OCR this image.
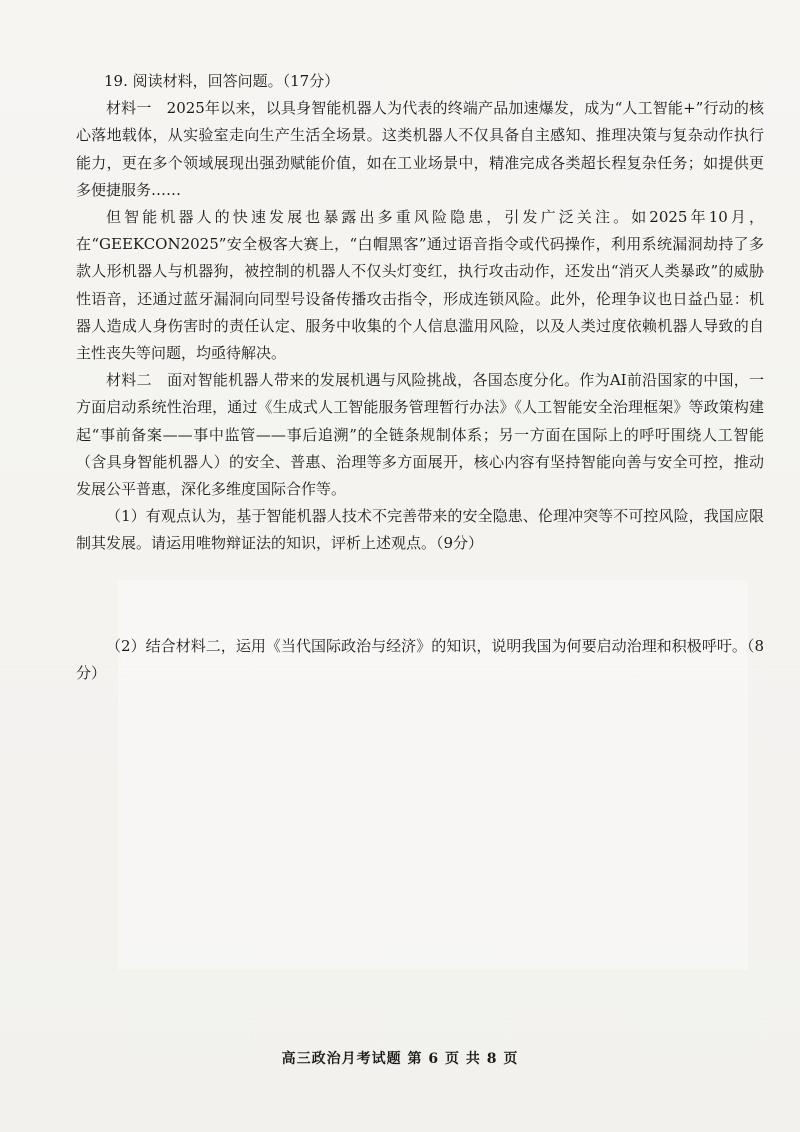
19. 阅读材料，回答问题。（17分）

材料一　2025年以来，以具身智能机器人为代表的终端产品加速爆发，成为“人工智能+”行动的核心落地载体，从实验室走向生产生活全场景。这类机器人不仅具备自主感知、推理决策与复杂动作执行能力，更在多个领域展现出强劲赋能价值，如在工业场景中，精准完成各类超长程复杂任务；如提供更多便捷服务……

但智能机器人的快速发展也暴露出多重风险隐患，引发广泛关注。如2025年10月，在“GEEKCON2025”安全极客大赛上，“白帽黑客”通过语音指令或代码操作，利用系统漏洞劫持了多款人形机器人与机器狗，被控制的机器人不仅头灯变红，执行攻击动作，还发出“消灭人类暴政”的威胁性语音，还通过蓝牙漏洞向同型号设备传播攻击指令，形成连锁风险。此外，伦理争议也日益凸显：机器人造成人身伤害时的责任认定、服务中收集的个人信息滥用风险，以及人类过度依赖机器人导致的自主性丧失等问题，均亟待解决。

材料二　面对智能机器人带来的发展机遇与风险挑战，各国态度分化。作为AI前沿国家的中国，一方面启动系统性治理，通过《生成式人工智能服务管理暂行办法》《人工智能安全治理框架》等政策构建起“事前备案——事中监管——事后追溯”的全链条规制体系；另一方面在国际上的呼吁围绕人工智能（含具身智能机器人）的安全、普惠、治理等多方面展开，核心内容有坚持智能向善与安全可控，推动发展公平普惠，深化多维度国际合作等。

（1）有观点认为，基于智能机器人技术不完善带来的安全隐患、伦理冲突等不可控风险，我国应限制其发展。请运用唯物辩证法的知识，评析上述观点。（9分）

（2）结合材料二，运用《当代国际政治与经济》的知识，说明我国为何要启动治理和积极呼吁。（8分）

高三政治月考试题 第 6 页 共 8 页
